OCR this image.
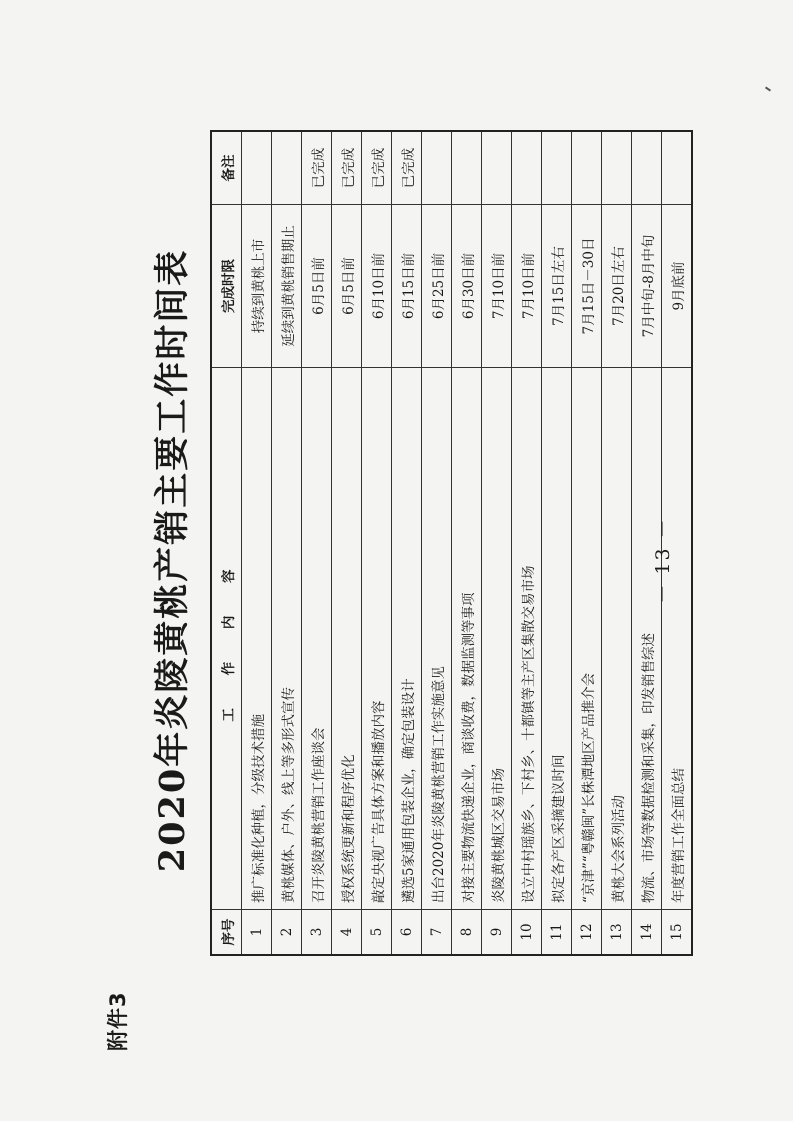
附件3
2020年炎陵黄桃产销主要工作时间表
序号	工 作 内 容	完成时限	备注
1	推广标准化种植，分级技术措施	持续到黄桃上市	
2	黄桃媒体、户外、线上等多形式宣传	延续到黄桃销售期止	
3	召开炎陵黄桃营销工作座谈会	6月5日前	已完成
4	授权系统更新和程序优化	6月5日前	已完成
5	敲定央视广告具体方案和播放内容	6月10日前	已完成
6	遴选5家通用包装企业，确定包装设计	6月15日前	已完成
7	出台2020年炎陵黄桃营销工作实施意见	6月25日前	
8	对接主要物流快递企业，商谈收费，数据监测等事项	6月30日前	
9	炎陵黄桃城区交易市场	7月10日前	
10	设立中村瑶族乡、下村乡、十都镇等主产区集散交易市场	7月10日前	
11	拟定各产区采摘建议时间	7月15日左右	
12	“京津”“粤赣闽”长株潭地区产品推介会	7月15日－30日	
13	黄桃大会系列活动	7月20日左右	
14	物流、市场等数据检测和采集，印发销售综述	7月中旬-8月中旬	
15	年度营销工作全面总结	9月底前	
－ 13 －
